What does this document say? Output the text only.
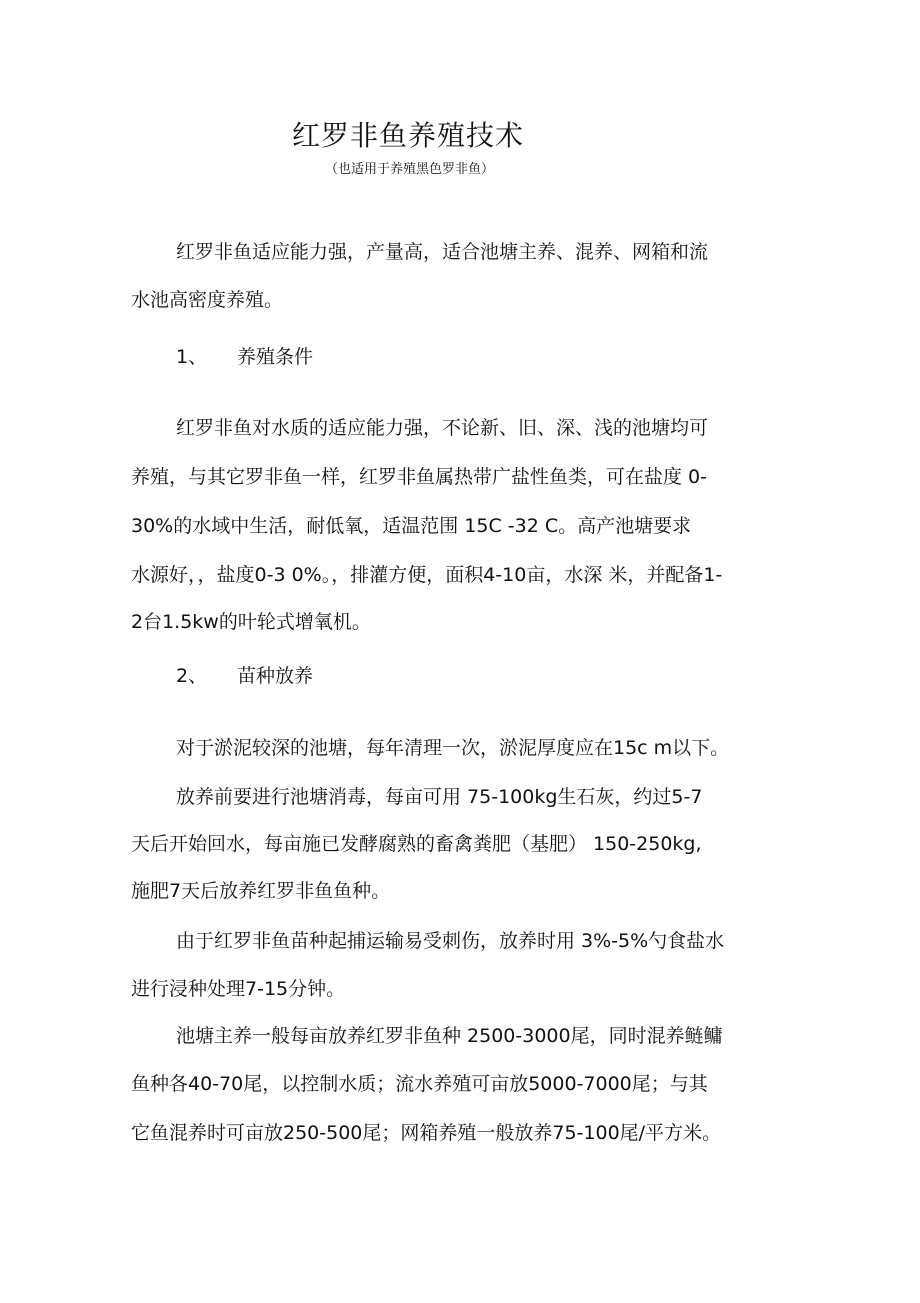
红罗非鱼养殖技术
（也适用于养殖黑色罗非鱼）
红罗非鱼适应能力强，产量高，适合池塘主养、混养、网箱和流
水池高密度养殖。
1、 养殖条件
红罗非鱼对水质的适应能力强，不论新、旧、深、浅的池塘均可
养殖，与其它罗非鱼一样，红罗非鱼属热带广盐性鱼类，可在盐度 0-
30%的水域中生活，耐低氧，适温范围 15C -32 C。高产池塘要求
水源好，，盐度0-3 0%。，排灌方便，面积4-10亩，水深 米，并配备1-
2台1.5kw的叶轮式增氧机。
2、 苗种放养
对于淤泥较深的池塘，每年清理一次，淤泥厚度应在15c m以下。
放养前要进行池塘消毒，每亩可用 75-100kg生石灰，约过5-7
天后开始回水，每亩施已发酵腐熟的畜禽粪肥（基肥） 150-250kg,
施肥7天后放养红罗非鱼鱼种。
由于红罗非鱼苗种起捕运输易受刺伤，放养时用 3%-5%勺食盐水
进行浸种处理7-15分钟。
池塘主养一般每亩放养红罗非鱼种 2500-3000尾，同时混养鲢鳙
鱼种各40-70尾，以控制水质；流水养殖可亩放5000-7000尾；与其
它鱼混养时可亩放250-500尾；网箱养殖一般放养75-100尾/平方米。
